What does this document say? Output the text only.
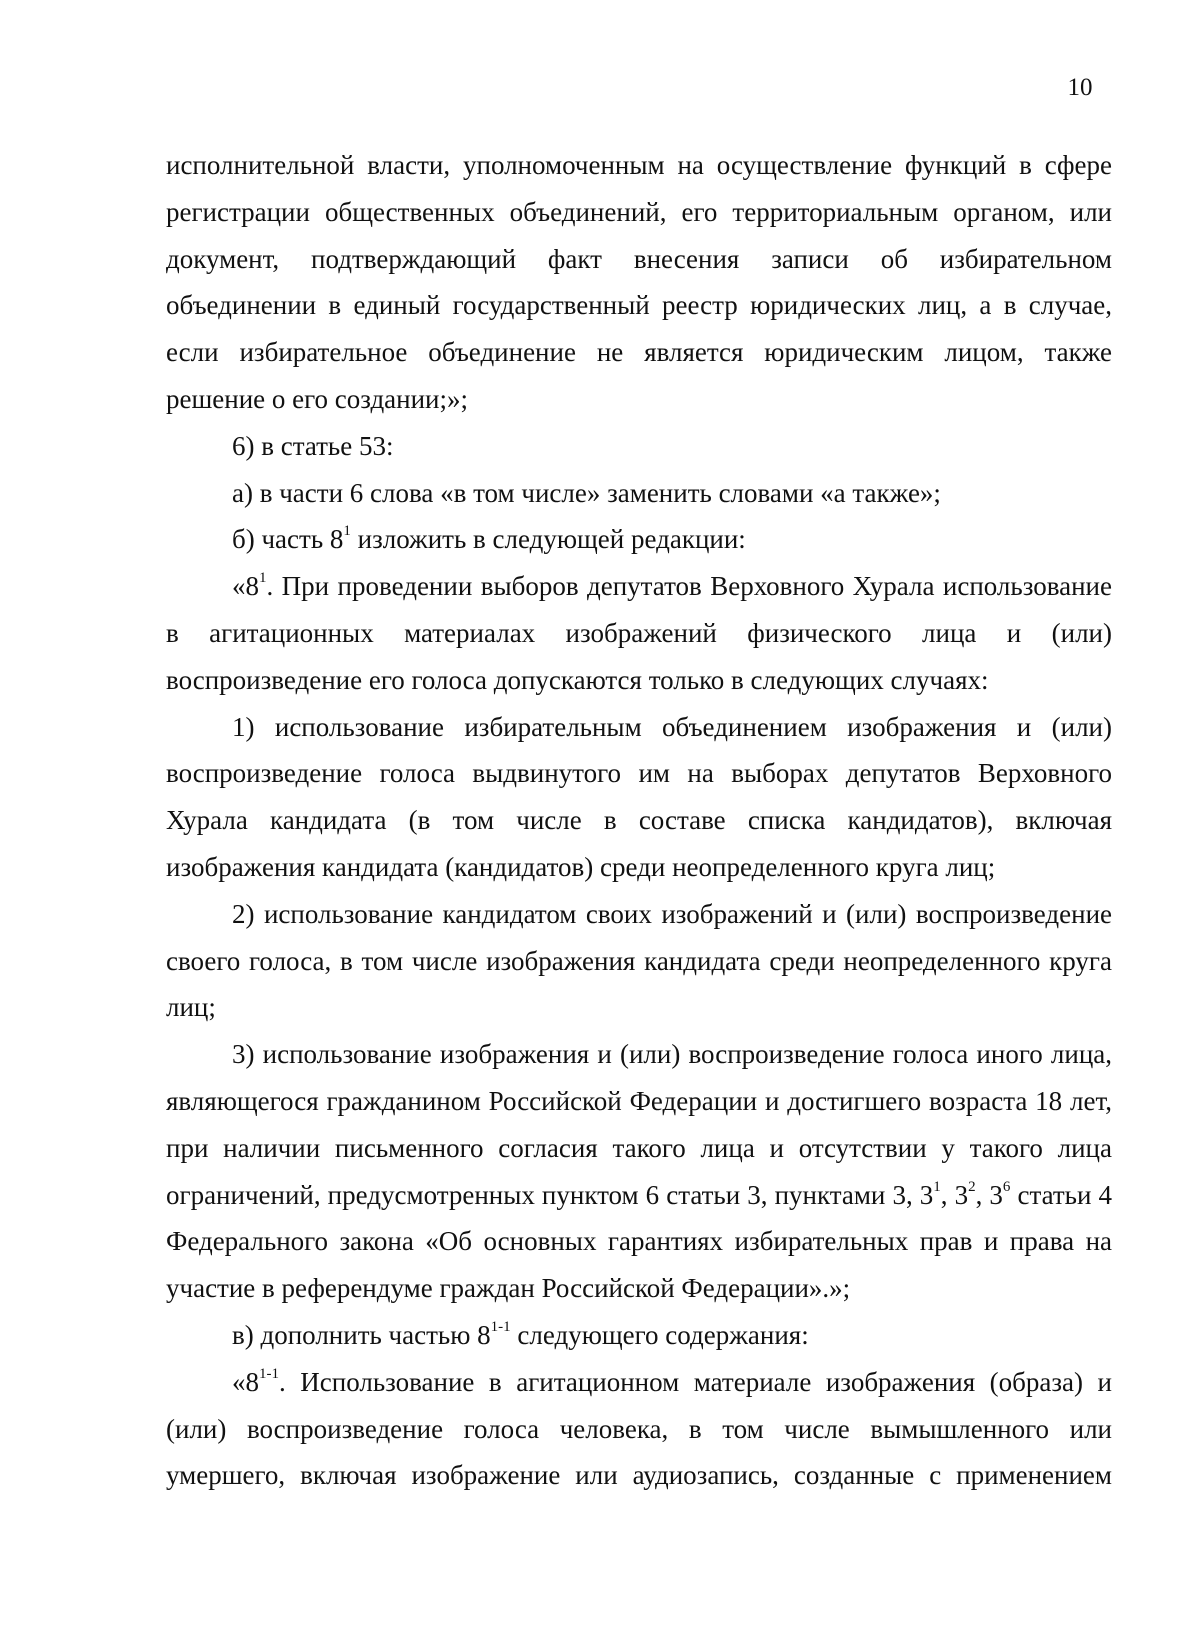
10

исполнительной власти, уполномоченным на осуществление функций в сфере регистрации общественных объединений, его территориальным органом, или документ, подтверждающий факт внесения записи об избирательном объединении в единый государственный реестр юридических лиц, а в случае, если избирательное объединение не является юридическим лицом, также решение о его создании;»;

6) в статье 53:

а) в части 6 слова «в том числе» заменить словами «а также»;

б) часть $8^1$ изложить в следующей редакции:

«$8^1$. При проведении выборов депутатов Верховного Хурала использование в агитационных материалах изображений физического лица и (или) воспроизведение его голоса допускаются только в следующих случаях:

1) использование избирательным объединением изображения и (или) воспроизведение голоса выдвинутого им на выборах депутатов Верховного Хурала кандидата (в том числе в составе списка кандидатов), включая изображения кандидата (кандидатов) среди неопределенного круга лиц;

2) использование кандидатом своих изображений и (или) воспроизведение своего голоса, в том числе изображения кандидата среди неопределенного круга лиц;

3) использование изображения и (или) воспроизведение голоса иного лица, являющегося гражданином Российской Федерации и достигшего возраста 18 лет, при наличии письменного согласия такого лица и отсутствии у такого лица ограничений, предусмотренных пунктом 6 статьи 3, пунктами 3, $3^1$, $3^2$, $3^6$ статьи 4 Федерального закона «Об основных гарантиях избирательных прав и права на участие в референдуме граждан Российской Федерации».»;

в) дополнить частью 8$^{1-1}$ следующего содержания:

«8$^{1-1}$. Использование в агитационном материале изображения (образа) и (или) воспроизведение голоса человека, в том числе вымышленного или умершего, включая изображение или аудиозапись, созданные с применением
